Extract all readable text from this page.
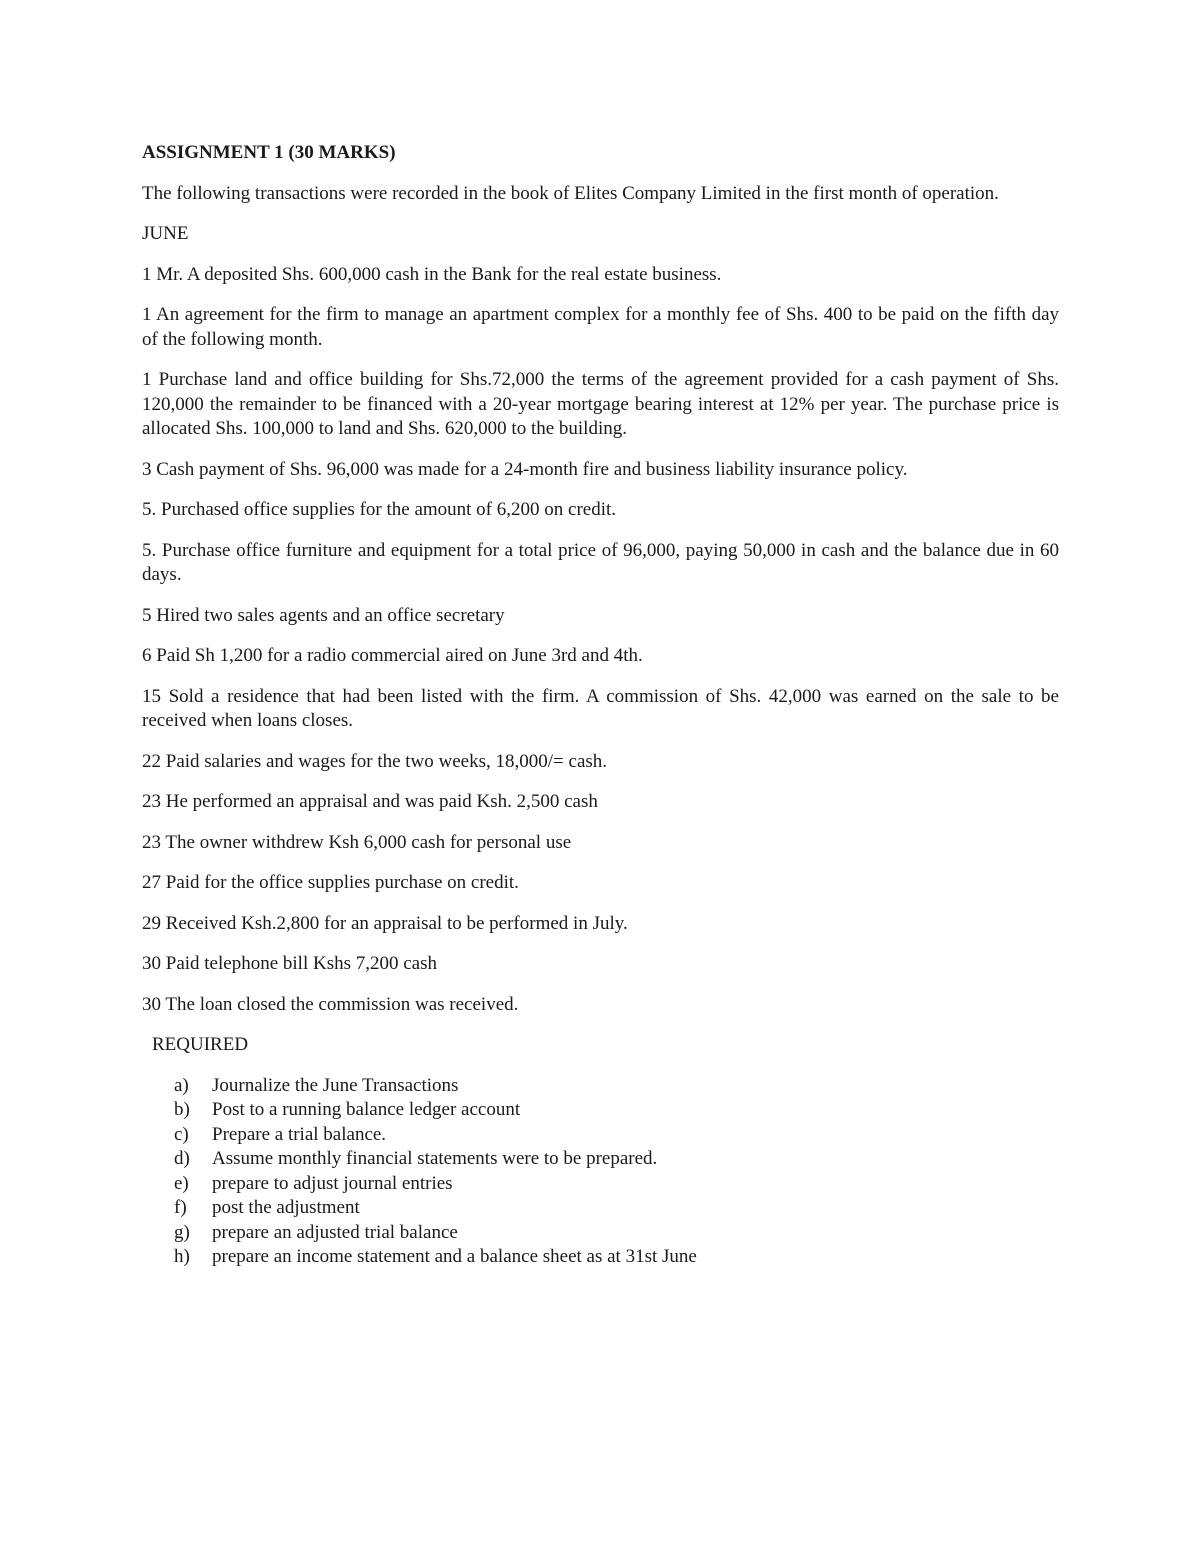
ASSIGNMENT 1 (30 MARKS)

The following transactions were recorded in the book of Elites Company Limited in the first month of operation.

JUNE

1 Mr. A deposited Shs. 600,000 cash in the Bank for the real estate business.

1 An agreement for the firm to manage an apartment complex for a monthly fee of Shs. 400 to be paid on the fifth day of the following month.

1 Purchase land and office building for Shs.72,000 the terms of the agreement provided for a cash payment of Shs. 120,000 the remainder to be financed with a 20-year mortgage bearing interest at 12% per year. The purchase price is allocated Shs. 100,000 to land and Shs. 620,000 to the building.

3 Cash payment of Shs. 96,000 was made for a 24-month fire and business liability insurance policy.

5. Purchased office supplies for the amount of 6,200 on credit.

5. Purchase office furniture and equipment for a total price of 96,000, paying 50,000 in cash and the balance due in 60 days.

5 Hired two sales agents and an office secretary

6 Paid Sh 1,200 for a radio commercial aired on June 3rd and 4th.

15 Sold a residence that had been listed with the firm. A commission of Shs. 42,000 was earned on the sale to be received when loans closes.

22 Paid salaries and wages for the two weeks, 18,000/= cash.

23 He performed an appraisal and was paid Ksh. 2,500 cash

23 The owner withdrew Ksh 6,000 cash for personal use

27 Paid for the office supplies purchase on credit.

29 Received Ksh.2,800 for an appraisal to be performed in July.

30 Paid telephone bill Kshs 7,200 cash

30 The loan closed the commission was received.

REQUIRED

a)	Journalize the June Transactions
b)	Post to a running balance ledger account
c)	Prepare a trial balance.
d)	Assume monthly financial statements were to be prepared.
e)	prepare to adjust journal entries
f)	post the adjustment
g)	prepare an adjusted trial balance
h)	prepare an income statement and a balance sheet as at 31st June
